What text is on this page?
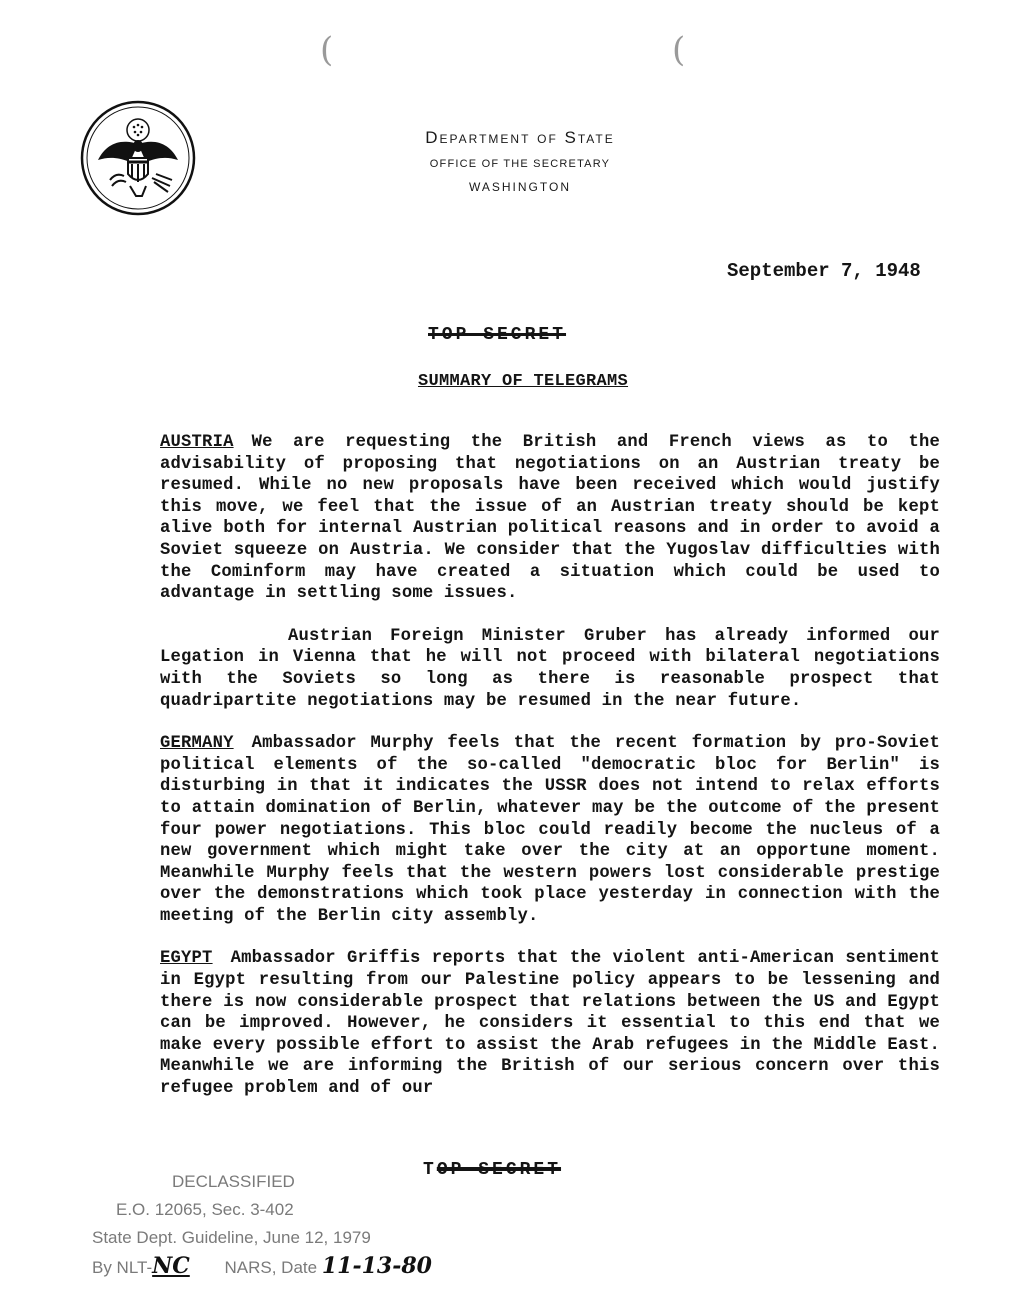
(	(
Department of State
OFFICE OF THE SECRETARY
WASHINGTON
September 7, 1948
TOP SECRET
SUMMARY OF TELEGRAMS

AUSTRIA We are requesting the British and French views as to the advisability of proposing that negotiations on an Austrian treaty be resumed. While no new proposals have been received which would justify this move, we feel that the issue of an Austrian treaty should be kept alive both for internal Austrian political reasons and in order to avoid a Soviet squeeze on Austria. We consider that the Yugoslav difficulties with the Cominform may have created a situation which could be used to advantage in settling some issues.

Austrian Foreign Minister Gruber has already informed our Legation in Vienna that he will not proceed with bilateral negotiations with the Soviets so long as there is reasonable prospect that quadripartite negotiations may be resumed in the near future.

GERMANY Ambassador Murphy feels that the recent formation by pro-Soviet political elements of the so-called "democratic bloc for Berlin" is disturbing in that it indicates the USSR does not intend to relax efforts to attain domination of Berlin, whatever may be the outcome of the present four power negotiations. This bloc could readily become the nucleus of a new government which might take over the city at an opportune moment. Meanwhile Murphy feels that the western powers lost considerable prestige over the demonstrations which took place yesterday in connection with the meeting of the Berlin city assembly.

EGYPT Ambassador Griffis reports that the violent anti-American sentiment in Egypt resulting from our Palestine policy appears to be lessening and there is now considerable prospect that relations between the US and Egypt can be improved. However, he considers it essential to this end that we make every possible effort to assist the Arab refugees in the Middle East. Meanwhile we are informing the British of our serious concern over this refugee problem and of our

TOP SECRET
DECLASSIFIED
E.O. 12065, Sec. 3-402
State Dept. Guideline, June 12, 1979
By NLT-NC NARS, Date 11-13-80
